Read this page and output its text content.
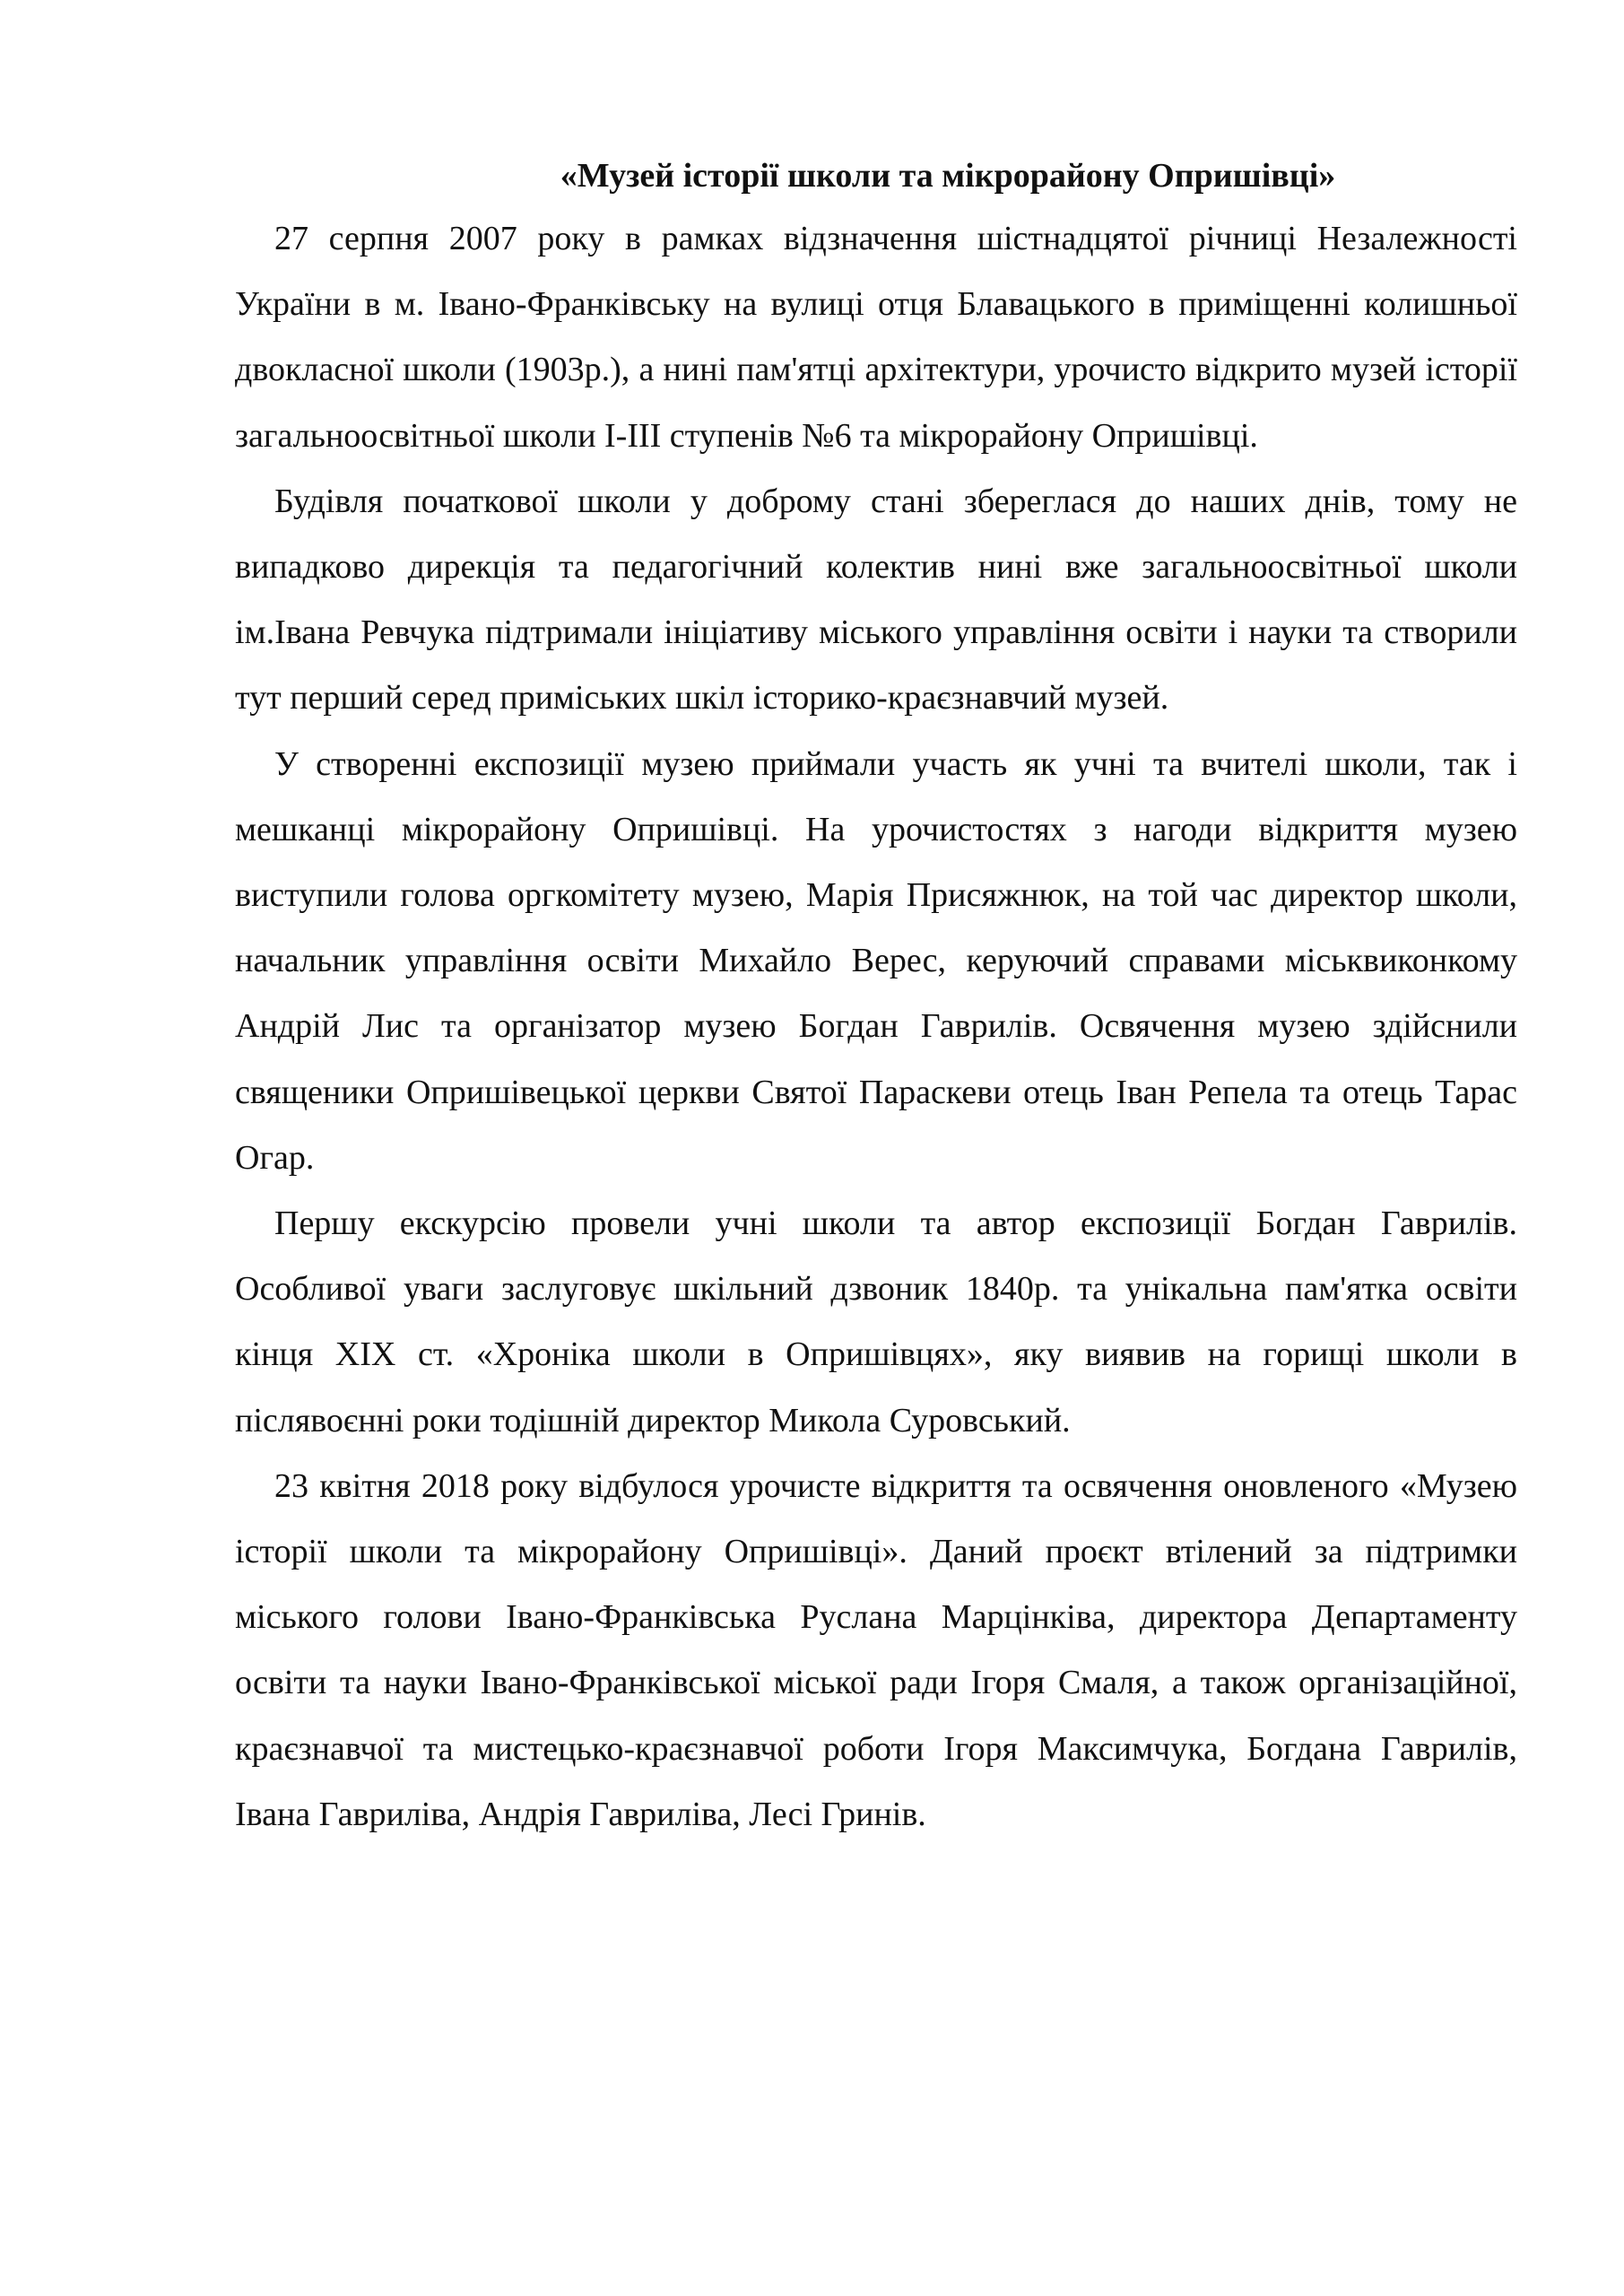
«Музей історії школи та мікрорайону Опришівці»

27 серпня 2007 року в рамках відзначення шістнадцятої річниці Незалежності України в м. Івано-Франківську на вулиці отця Блавацького в приміщенні колишньої двокласної школи (1903р.), а нині пам'ятці архітектури, урочисто відкрито музей історії загальноосвітньої школи І-ІІІ ступенів №6 та мікрорайону Опришівці.

Будівля початкової школи у доброму стані збереглася до наших днів, тому не випадково дирекція та педагогічний колектив нині вже загальноосвітньої школи ім.Івана Ревчука підтримали ініціативу міського управління освіти і науки та створили тут перший серед приміських шкіл історико-краєзнавчий музей.

У створенні експозиції музею приймали участь як учні та вчителі школи, так і мешканці мікрорайону Опришівці. На урочистостях з нагоди відкриття музею виступили голова оргкомітету музею, Марія Присяжнюк, на той час директор школи, начальник управління освіти Михайло Верес, керуючий справами міськвиконкому Андрій Лис та організатор музею Богдан Гаврилів. Освячення музею здійснили священики Опришівецької церкви Святої Параскеви отець Іван Репела та отець Тарас Огар.

Першу екскурсію провели учні школи та автор експозиції Богдан Гаврилів. Особливої уваги заслуговує шкільний дзвоник 1840р. та унікальна пам'ятка освіти кінця XIX ст. «Хроніка школи в Опришівцях», яку виявив на горищі школи в післявоєнні роки тодішній директор Микола Суровський.

23 квітня 2018 року відбулося урочисте відкриття та освячення оновленого «Музею історії школи та мікрорайону Опришівці». Даний проєкт втілений за підтримки міського голови Івано-Франківська Руслана Марцінківа, директора Департаменту освіти та науки Івано-Франківської міської ради Ігоря Смаля, а також організаційної, краєзнавчої та мистецько-краєзнавчої роботи Ігоря Максимчука, Богдана Гаврилів, Івана Гавриліва, Андрія Гавриліва, Лесі Гринів.
